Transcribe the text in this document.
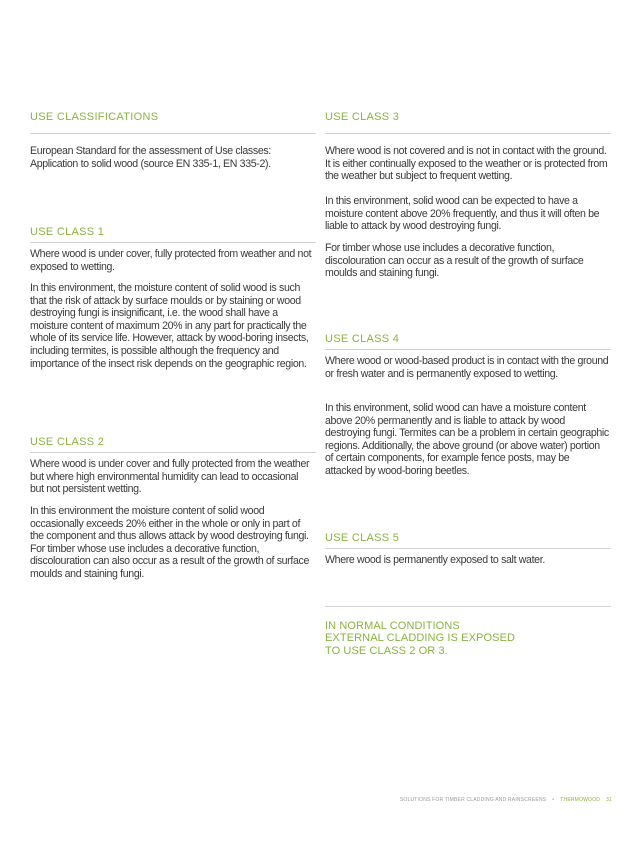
USE CLASSIFICATIONS

European Standard for the assessment of Use classes: Application to solid wood (source EN 335-1, EN 335-2).

USE CLASS 1

Where wood is under cover, fully protected from weather and not exposed to wetting.

In this environment, the moisture content of solid wood is such that the risk of attack by surface moulds or by staining or wood destroying fungi is insignificant, i.e. the wood shall have a moisture content of maximum 20% in any part for practically the whole of its service life. However, attack by wood-boring insects, including termites, is possible although the frequency and importance of the insect risk depends on the geographic region.

USE CLASS 2

Where wood is under cover and fully protected from the weather but where high environmental humidity can lead to occasional but not persistent wetting.

In this environment the moisture content of solid wood occasionally exceeds 20% either in the whole or only in part of the component and thus allows attack by wood destroying fungi. For timber whose use includes a decorative function, discolouration can also occur as a result of the growth of surface moulds and staining fungi.

USE CLASS 3

Where wood is not covered and is not in contact with the ground. It is either continually exposed to the weather or is protected from the weather but subject to frequent wetting.

In this environment, solid wood can be expected to have a moisture content above 20% frequently, and thus it will often be liable to attack by wood destroying fungi.

For timber whose use includes a decorative function, discolouration can occur as a result of the growth of surface moulds and staining fungi.

USE CLASS 4

Where wood or wood-based product is in contact with the ground or fresh water and is permanently exposed to wetting.

In this environment, solid wood can have a moisture content above 20% permanently and is liable to attack by wood destroying fungi. Termites can be a problem in certain geographic regions. Additionally, the above ground (or above water) portion of certain components, for example fence posts, may be attacked by wood-boring beetles.

USE CLASS 5

Where wood is permanently exposed to salt water.

IN NORMAL CONDITIONS
EXTERNAL CLADDING IS EXPOSED
TO USE CLASS 2 OR 3.
SOLUTIONS FOR TIMBER CLADDING AND RAINSCREENS • THERMOWOOD 31
